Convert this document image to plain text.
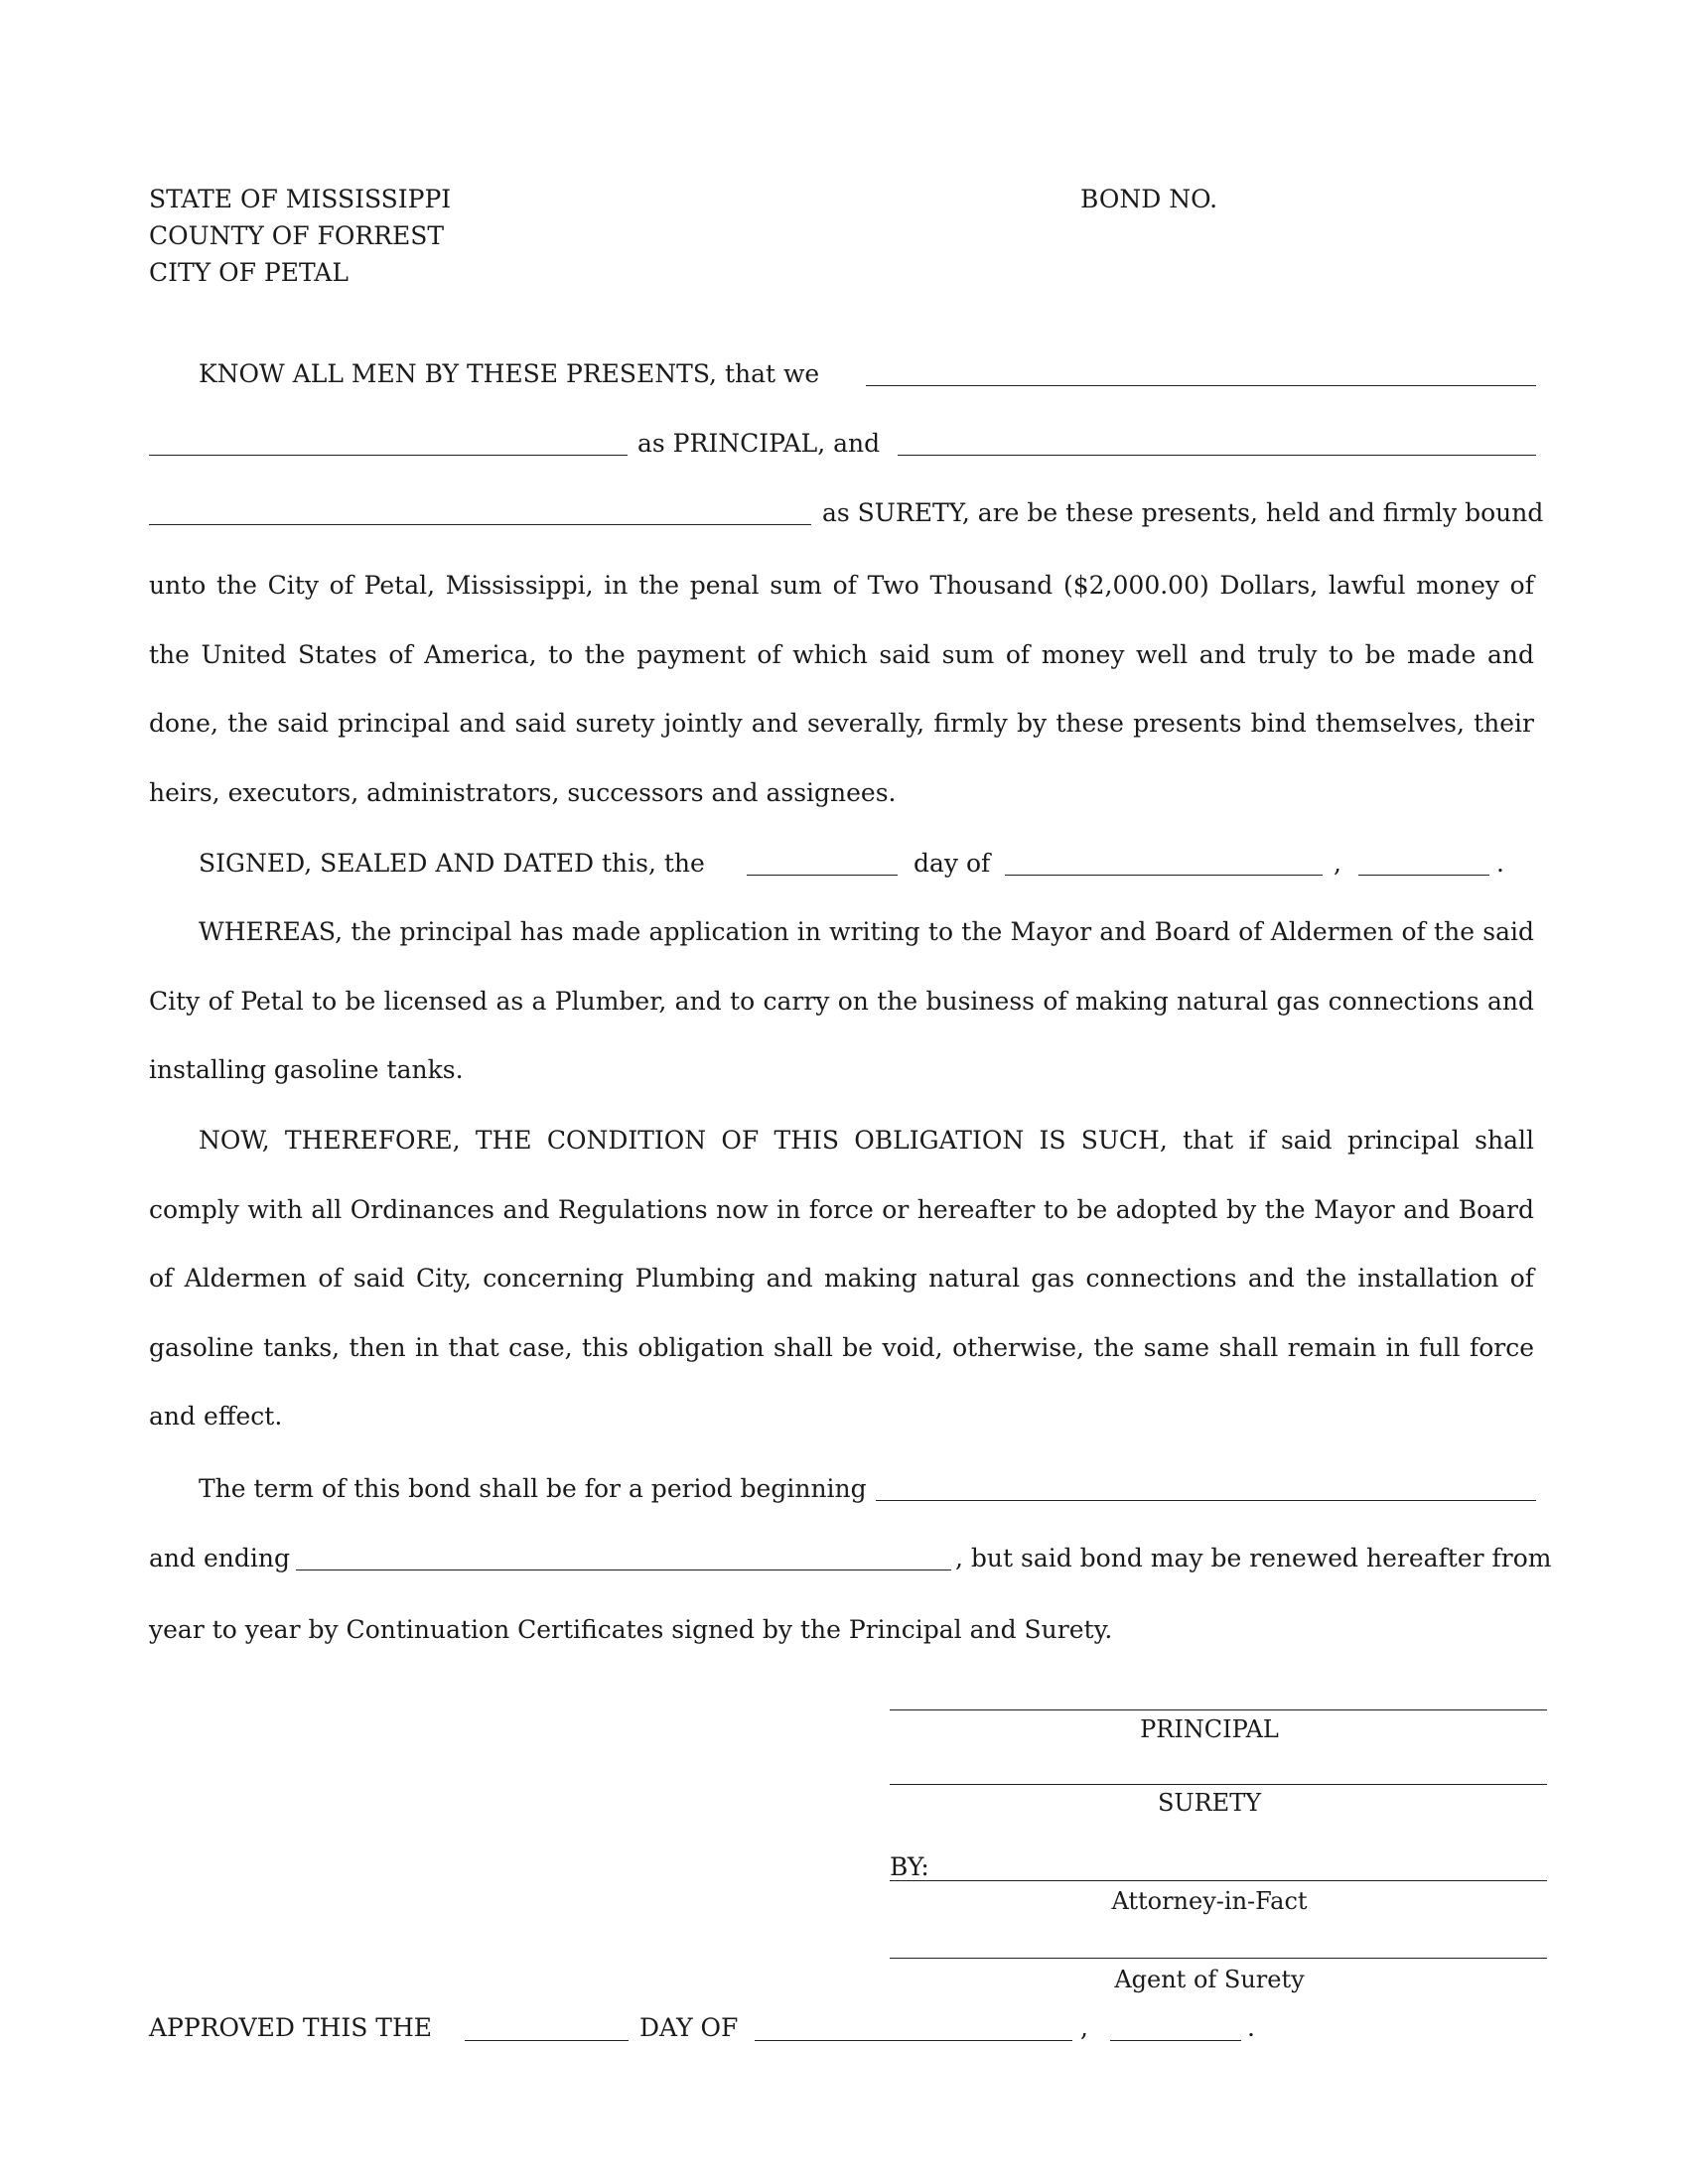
STATE OF MISSISSIPPI
COUNTY OF FORREST
CITY OF PETAL
BOND NO.
KNOW ALL MEN BY THESE PRESENTS, that we
as PRINCIPAL, and
as SURETY, are be these presents, held and firmly bound
unto the City of Petal, Mississippi, in the penal sum of Two Thousand ($2,000.00) Dollars, lawful money of the United States of America, to the payment of which said sum of money well and truly to be made and done, the said principal and said surety jointly and severally, firmly by these presents bind themselves, their heirs, executors, administrators, successors and assignees.
SIGNED, SEALED AND DATED this, the	day of	,	.
WHEREAS, the principal has made application in writing to the Mayor and Board of Aldermen of the said City of Petal to be licensed as a Plumber, and to carry on the business of making natural gas connections and installing gasoline tanks.
NOW, THEREFORE, THE CONDITION OF THIS OBLIGATION IS SUCH, that if said principal shall comply with all Ordinances and Regulations now in force or hereafter to be adopted by the Mayor and Board of Aldermen of said City, concerning Plumbing and making natural gas connections and the installation of gasoline tanks, then in that case, this obligation shall be void, otherwise, the same shall remain in full force and effect.
The term of this bond shall be for a period beginning
and ending	, but said bond may be renewed hereafter from
year to year by Continuation Certificates signed by the Principal and Surety.
PRINCIPAL
SURETY
BY:
Attorney-in-Fact
Agent of Surety
APPROVED THIS THE	DAY OF	,	.
